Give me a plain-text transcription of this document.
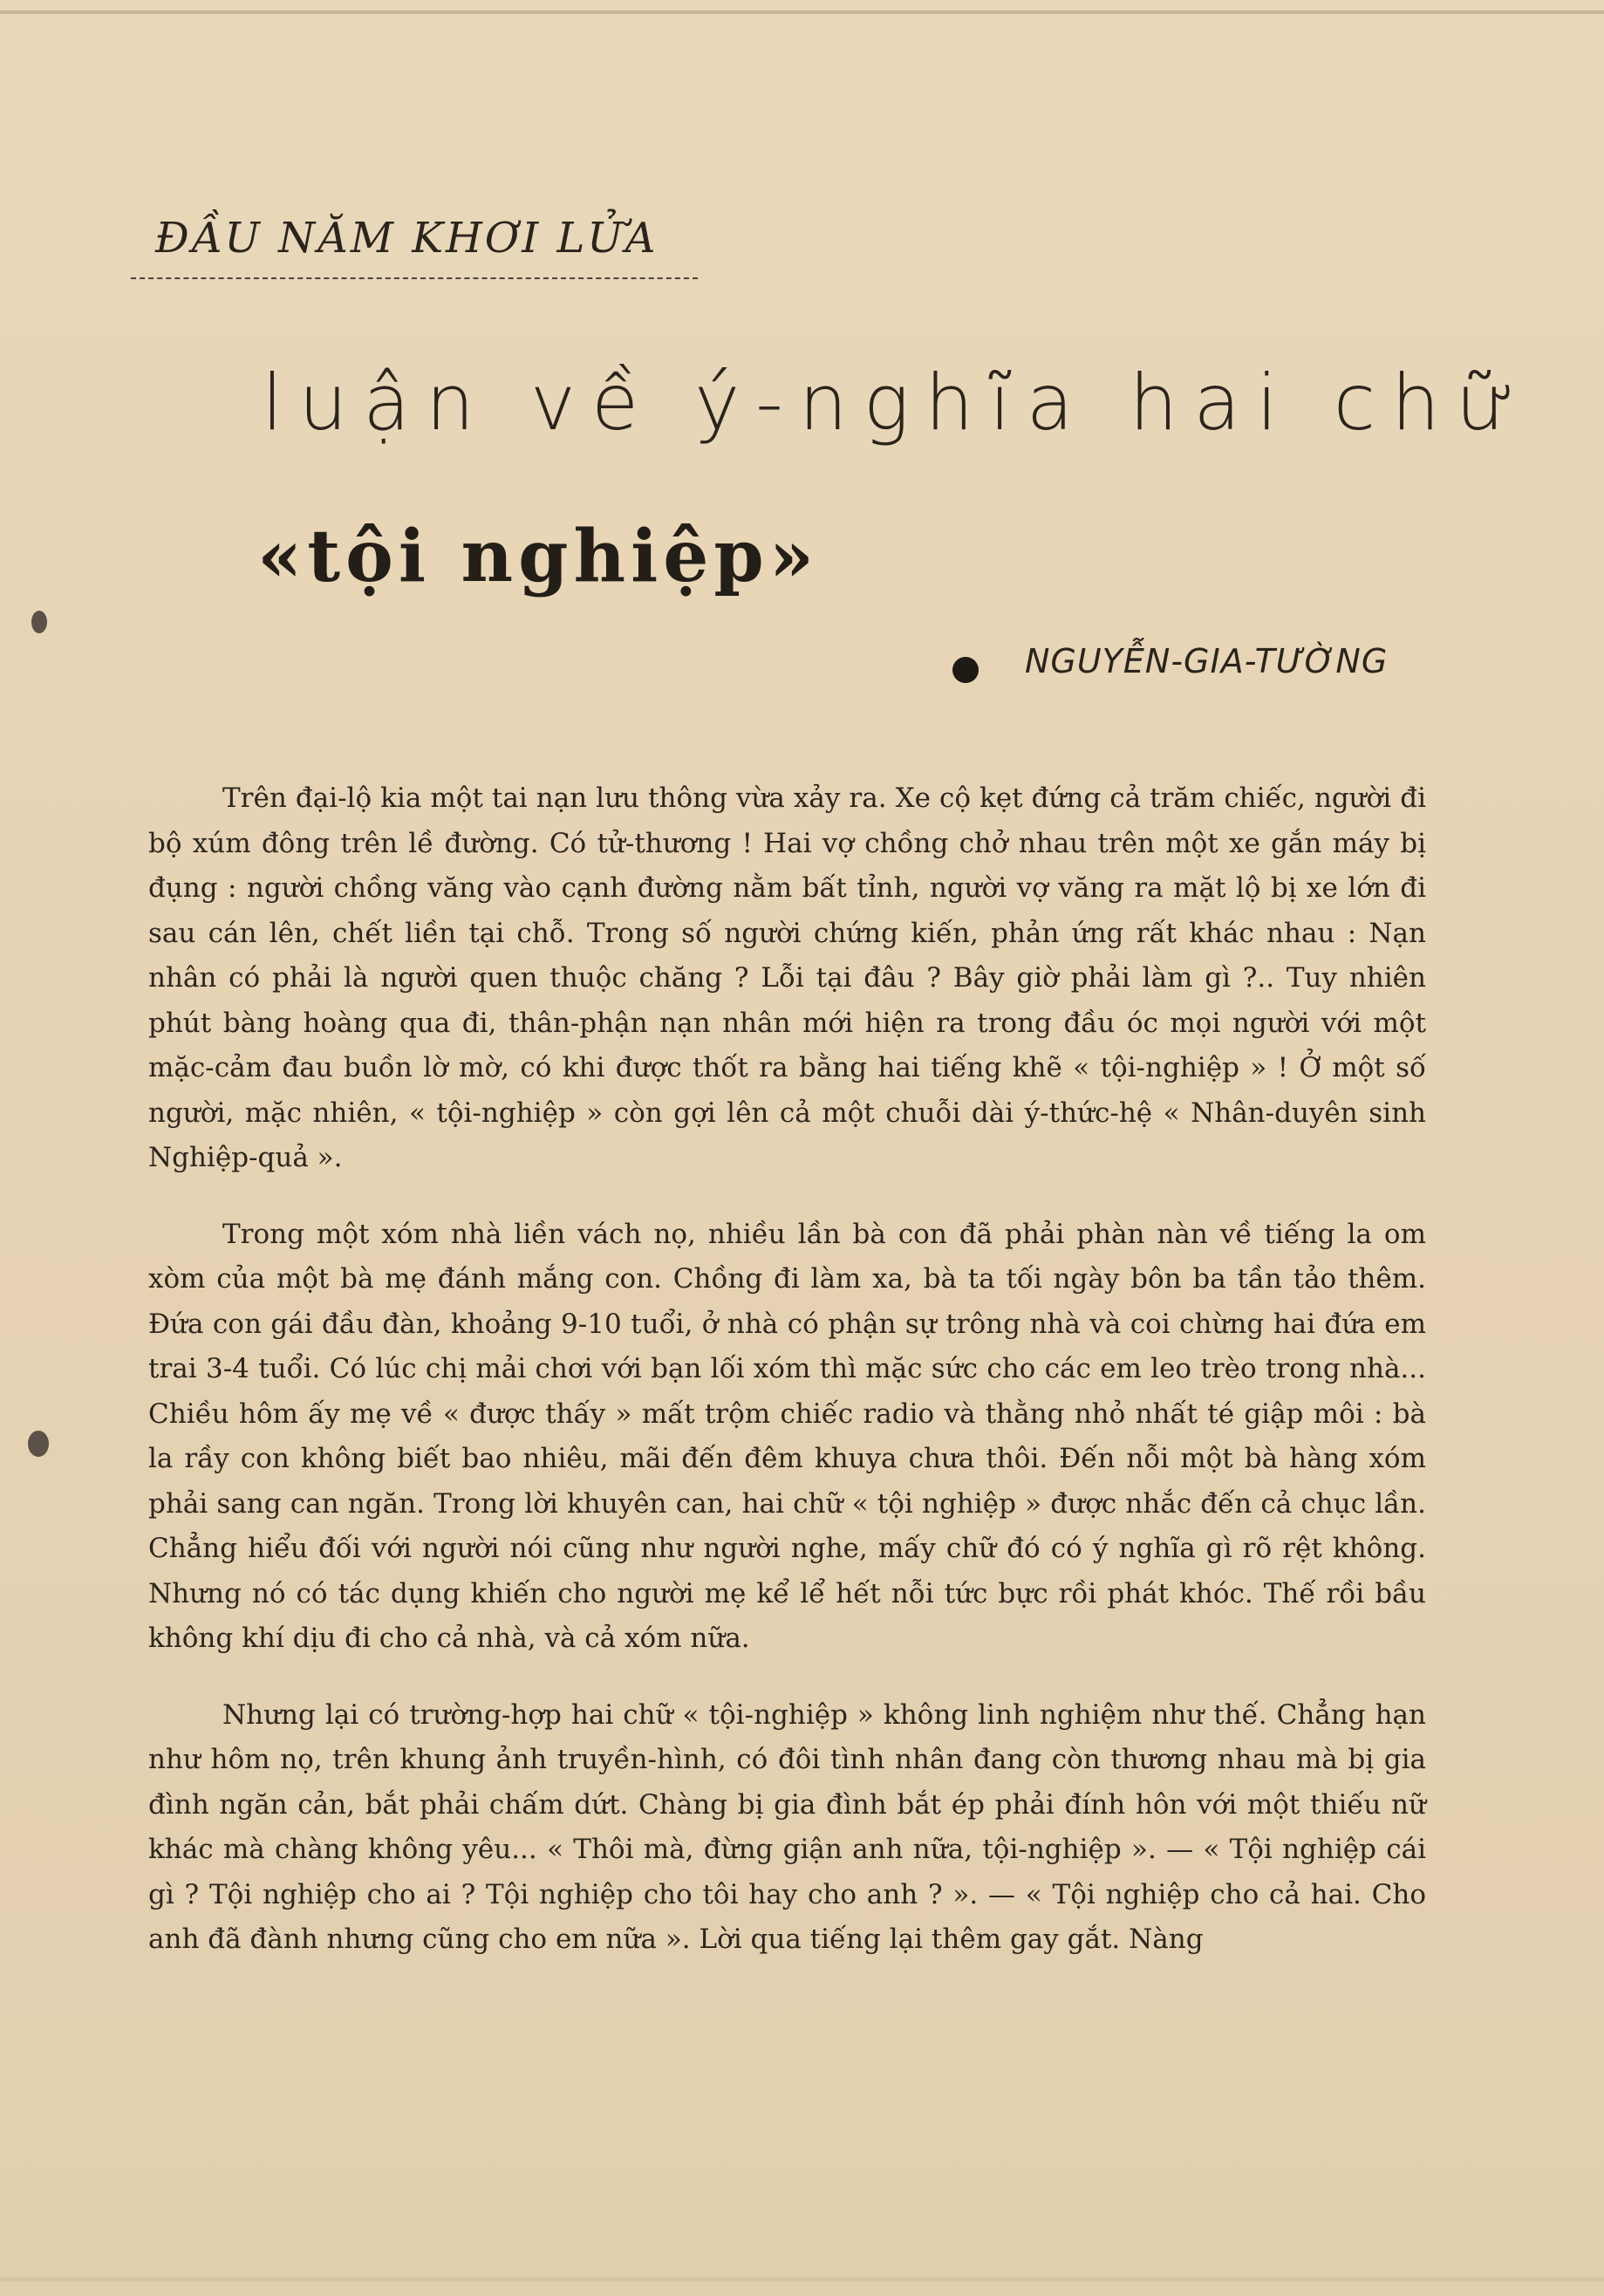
ĐẦU NĂM KHƠI LỬA
luận về ý-nghĩa hai chữ
«tội nghiệp»
NGUYỄN-GIA-TƯỜNG

Trên đại-lộ kia một tai nạn lưu thông vừa xảy ra. Xe cộ kẹt đứng cả trăm chiếc, người đi bộ xúm đông trên lề đường. Có tử-thương ! Hai vợ chồng chở nhau trên một xe gắn máy bị đụng : người chồng văng vào cạnh đường nằm bất tỉnh, người vợ văng ra mặt lộ bị xe lớn đi sau cán lên, chết liền tại chỗ. Trong số người chứng kiến, phản ứng rất khác nhau : Nạn nhân có phải là người quen thuộc chăng ? Lỗi tại đâu ? Bây giờ phải làm gì ?.. Tuy nhiên phút bàng hoàng qua đi, thân-phận nạn nhân mới hiện ra trong đầu óc mọi người với một mặc-cảm đau buồn lờ mờ, có khi được thốt ra bằng hai tiếng khẽ « tội-nghiệp » ! Ở một số người, mặc nhiên, « tội-nghiệp » còn gợi lên cả một chuỗi dài ý-thức-hệ « Nhân-duyên sinh Nghiệp-quả ».

Trong một xóm nhà liền vách nọ, nhiều lần bà con đã phải phàn nàn về tiếng la om xòm của một bà mẹ đánh mắng con. Chồng đi làm xa, bà ta tối ngày bôn ba tần tảo thêm. Đứa con gái đầu đàn, khoảng 9-10 tuổi, ở nhà có phận sự trông nhà và coi chừng hai đứa em trai 3-4 tuổi. Có lúc chị mải chơi với bạn lối xóm thì mặc sức cho các em leo trèo trong nhà... Chiều hôm ấy mẹ về « được thấy » mất trộm chiếc radio và thằng nhỏ nhất té giập môi : bà la rầy con không biết bao nhiêu, mãi đến đêm khuya chưa thôi. Đến nỗi một bà hàng xóm phải sang can ngăn. Trong lời khuyên can, hai chữ « tội nghiệp » được nhắc đến cả chục lần. Chẳng hiểu đối với người nói cũng như người nghe, mấy chữ đó có ý nghĩa gì rõ rệt không. Nhưng nó có tác dụng khiến cho người mẹ kể lể hết nỗi tức bực rồi phát khóc. Thế rồi bầu không khí dịu đi cho cả nhà, và cả xóm nữa.

Nhưng lại có trường-hợp hai chữ « tội-nghiệp » không linh nghiệm như thế. Chẳng hạn như hôm nọ, trên khung ảnh truyền-hình, có đôi tình nhân đang còn thương nhau mà bị gia đình ngăn cản, bắt phải chấm dứt. Chàng bị gia đình bắt ép phải đính hôn với một thiếu nữ khác mà chàng không yêu... « Thôi mà, đừng giận anh nữa, tội-nghiệp ». — « Tội nghiệp cái gì ? Tội nghiệp cho ai ? Tội nghiệp cho tôi hay cho anh ? ». — « Tội nghiệp cho cả hai. Cho anh đã đành nhưng cũng cho em nữa ». Lời qua tiếng lại thêm gay gắt. Nàng
